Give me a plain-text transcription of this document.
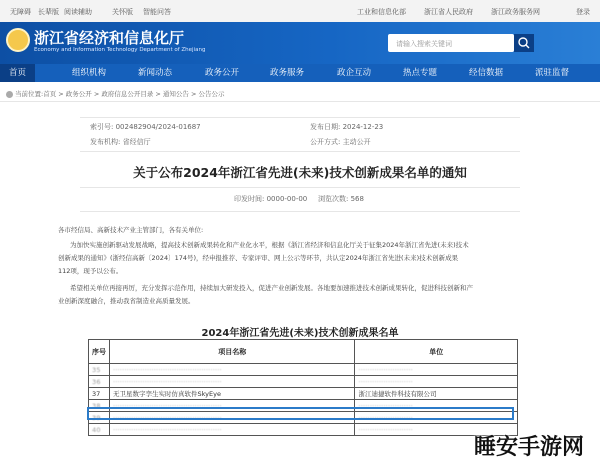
无障碍 长辈版 阅读辅助	关怀版 智能问答	工业和信息化部	浙江省人民政府	浙江政务服务网	登录
浙江省经济和信息化厅
Economy and Information Technology Department of Zhejiang
请输入搜索关键词
首页	组织机构	新闻动态	政务公开	政务服务	政企互动	热点专题	经信数据	派驻监督
当前位置:首页 > 政务公开 > 政府信息公开目录 > 通知公告 > 公告公示
索引号: 002482904/2024-01687	发布日期: 2024-12-23
发布机构: 省经信厅	公开方式: 主动公开
关于公布2024年浙江省先进(未来)技术创新成果名单的通知
印发时间: 0000-00-00 浏览次数: 568
各市经信局、高新技术产业主管部门，各有关单位:
为加快实施创新驱动发展战略，提高技术创新成果转化和产业化水平，根据《浙江省经济和信息化厅关于征集2024年浙江省先进(未来)技术
创新成果的通知》(浙经信高新〔2024〕174号)，经申报推荐、专家评审、网上公示等环节，共认定2024年浙江省先进(未来)技术创新成果
112项，现予以公布。
希望相关单位再接再厉，充分发挥示范作用，持续加大研发投入，促进产业创新发展。各地要加速推进技术创新成果转化，促进科技创新和产
业创新深度融合，推动我省制造业高质量发展。
2024年浙江省先进(未来)技术创新成果名单
序号	项目名称	单位
35	················································	························
36	················································	························
37	无卫星数字孪生实时仿真软件SkyEye	浙江迪捷软件科技有限公司
38	················································	························
39	················································	························
40	················································	························
睡安手游网
